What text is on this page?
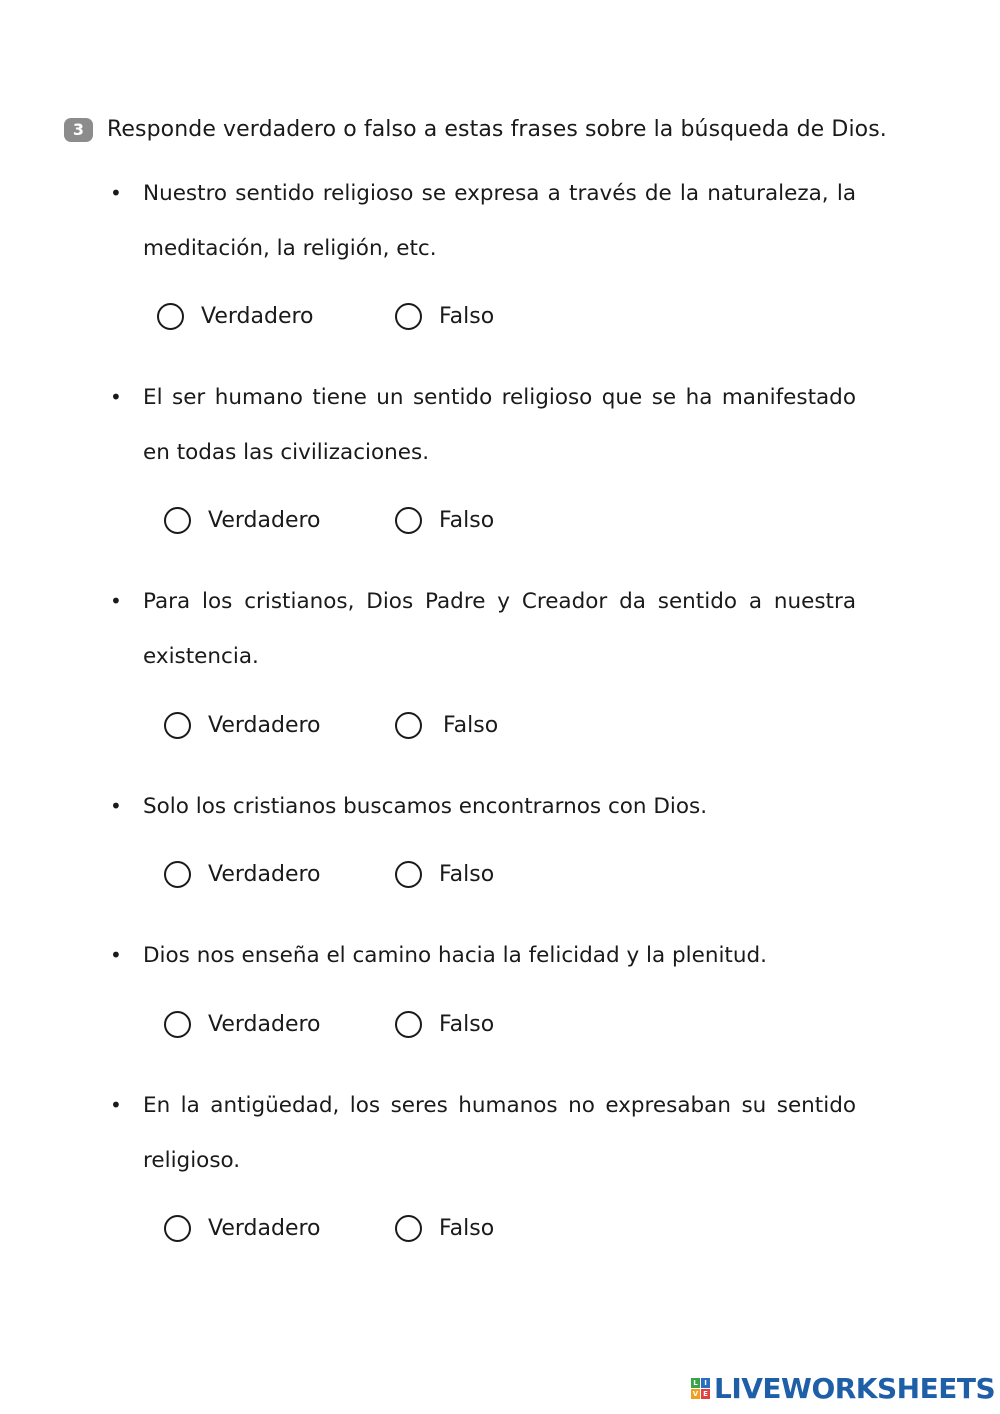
3	Responde verdadero o falso a estas frases sobre la búsqueda de Dios.
• Nuestro sentido religioso se expresa a través de la naturaleza, la meditación, la religión, etc.
Verdadero	Falso
• El ser humano tiene un sentido religioso que se ha manifestado en todas las civilizaciones.
Verdadero	Falso
• Para los cristianos, Dios Padre y Creador da sentido a nuestra existencia.
Verdadero	Falso
• Solo los cristianos buscamos encontrarnos con Dios.
Verdadero	Falso
• Dios nos enseña el camino hacia la felicidad y la plenitud.
Verdadero	Falso
• En la antigüedad, los seres humanos no expresaban su sentido religioso.
Verdadero	Falso
L I
V E LIVEWORKSHEETS
